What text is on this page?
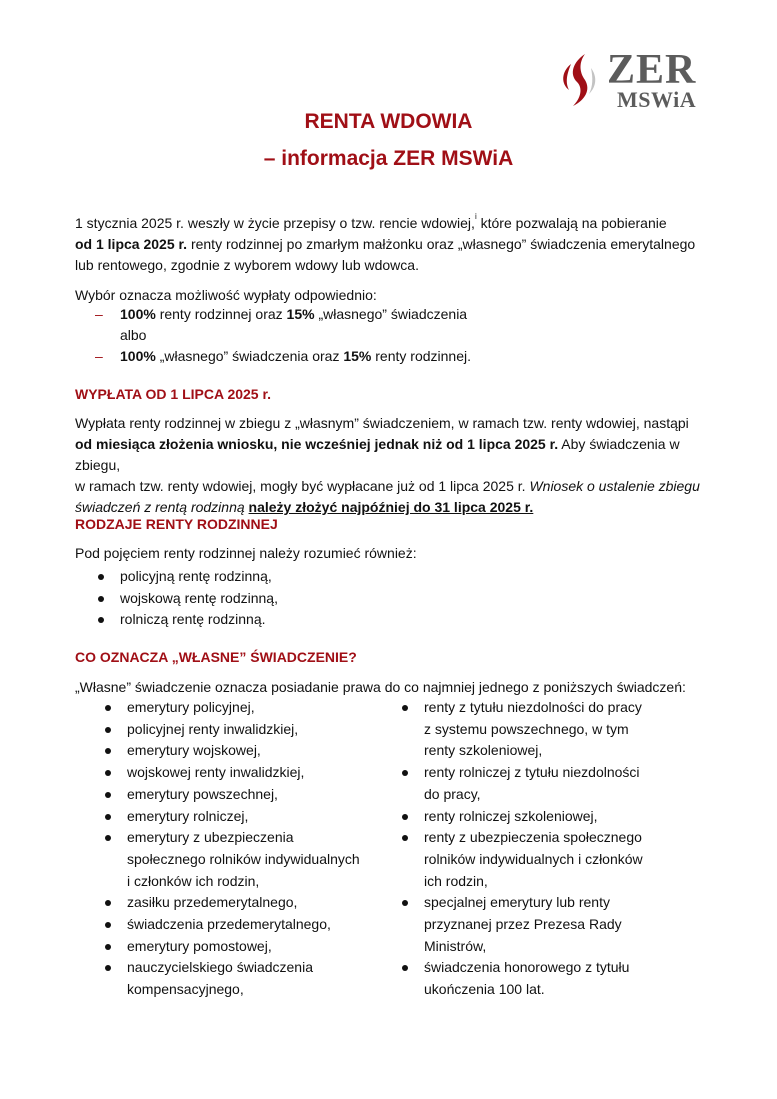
ZER
MSWiA
RENTA WDOWIA
– informacja ZER MSWiA
1 stycznia 2025 r. weszły w życie przepisy o tzw. rencie wdowiej,$^i$ które pozwalają na pobieranie
od 1 lipca 2025 r. renty rodzinnej po zmarłym małżonku oraz „własnego” świadczenia emerytalnego
lub rentowego, zgodnie z wyborem wdowy lub wdowca.
Wybór oznacza możliwość wypłaty odpowiednio:
– 100% renty rodzinnej oraz 15% „własnego” świadczenia
albo
– 100% „własnego” świadczenia oraz 15% renty rodzinnej.
WYPŁATA OD 1 LIPCA 2025 r.
Wypłata renty rodzinnej w zbiegu z „własnym” świadczeniem, w ramach tzw. renty wdowiej, nastąpi
od miesiąca złożenia wniosku, nie wcześniej jednak niż od 1 lipca 2025 r. Aby świadczenia w zbiegu,
w ramach tzw. renty wdowiej, mogły być wypłacane już od 1 lipca 2025 r. Wniosek o ustalenie zbiegu
świadczeń z rentą rodzinną należy złożyć najpóźniej do 31 lipca 2025 r.
RODZAJE RENTY RODZINNEJ
Pod pojęciem renty rodzinnej należy rozumieć również:
policyjną rentę rodzinną,
wojskową rentę rodzinną,
rolniczą rentę rodzinną.
CO OZNACZA „WŁASNE” ŚWIADCZENIE?
„Własne” świadczenie oznacza posiadanie prawa do co najmniej jednego z poniższych świadczeń:
emerytury policyjnej,
policyjnej renty inwalidzkiej,
emerytury wojskowej,
wojskowej renty inwalidzkiej,
emerytury powszechnej,
emerytury rolniczej,
emerytury z ubezpieczenia
społecznego rolników indywidualnych
i członków ich rodzin,
zasiłku przedemerytalnego,
świadczenia przedemerytalnego,
emerytury pomostowej,
nauczycielskiego świadczenia
kompensacyjnego,
renty z tytułu niezdolności do pracy
z systemu powszechnego, w tym
renty szkoleniowej,
renty rolniczej z tytułu niezdolności
do pracy,
renty rolniczej szkoleniowej,
renty z ubezpieczenia społecznego
rolników indywidualnych i członków
ich rodzin,
specjalnej emerytury lub renty
przyznanej przez Prezesa Rady
Ministrów,
świadczenia honorowego z tytułu
ukończenia 100 lat.
